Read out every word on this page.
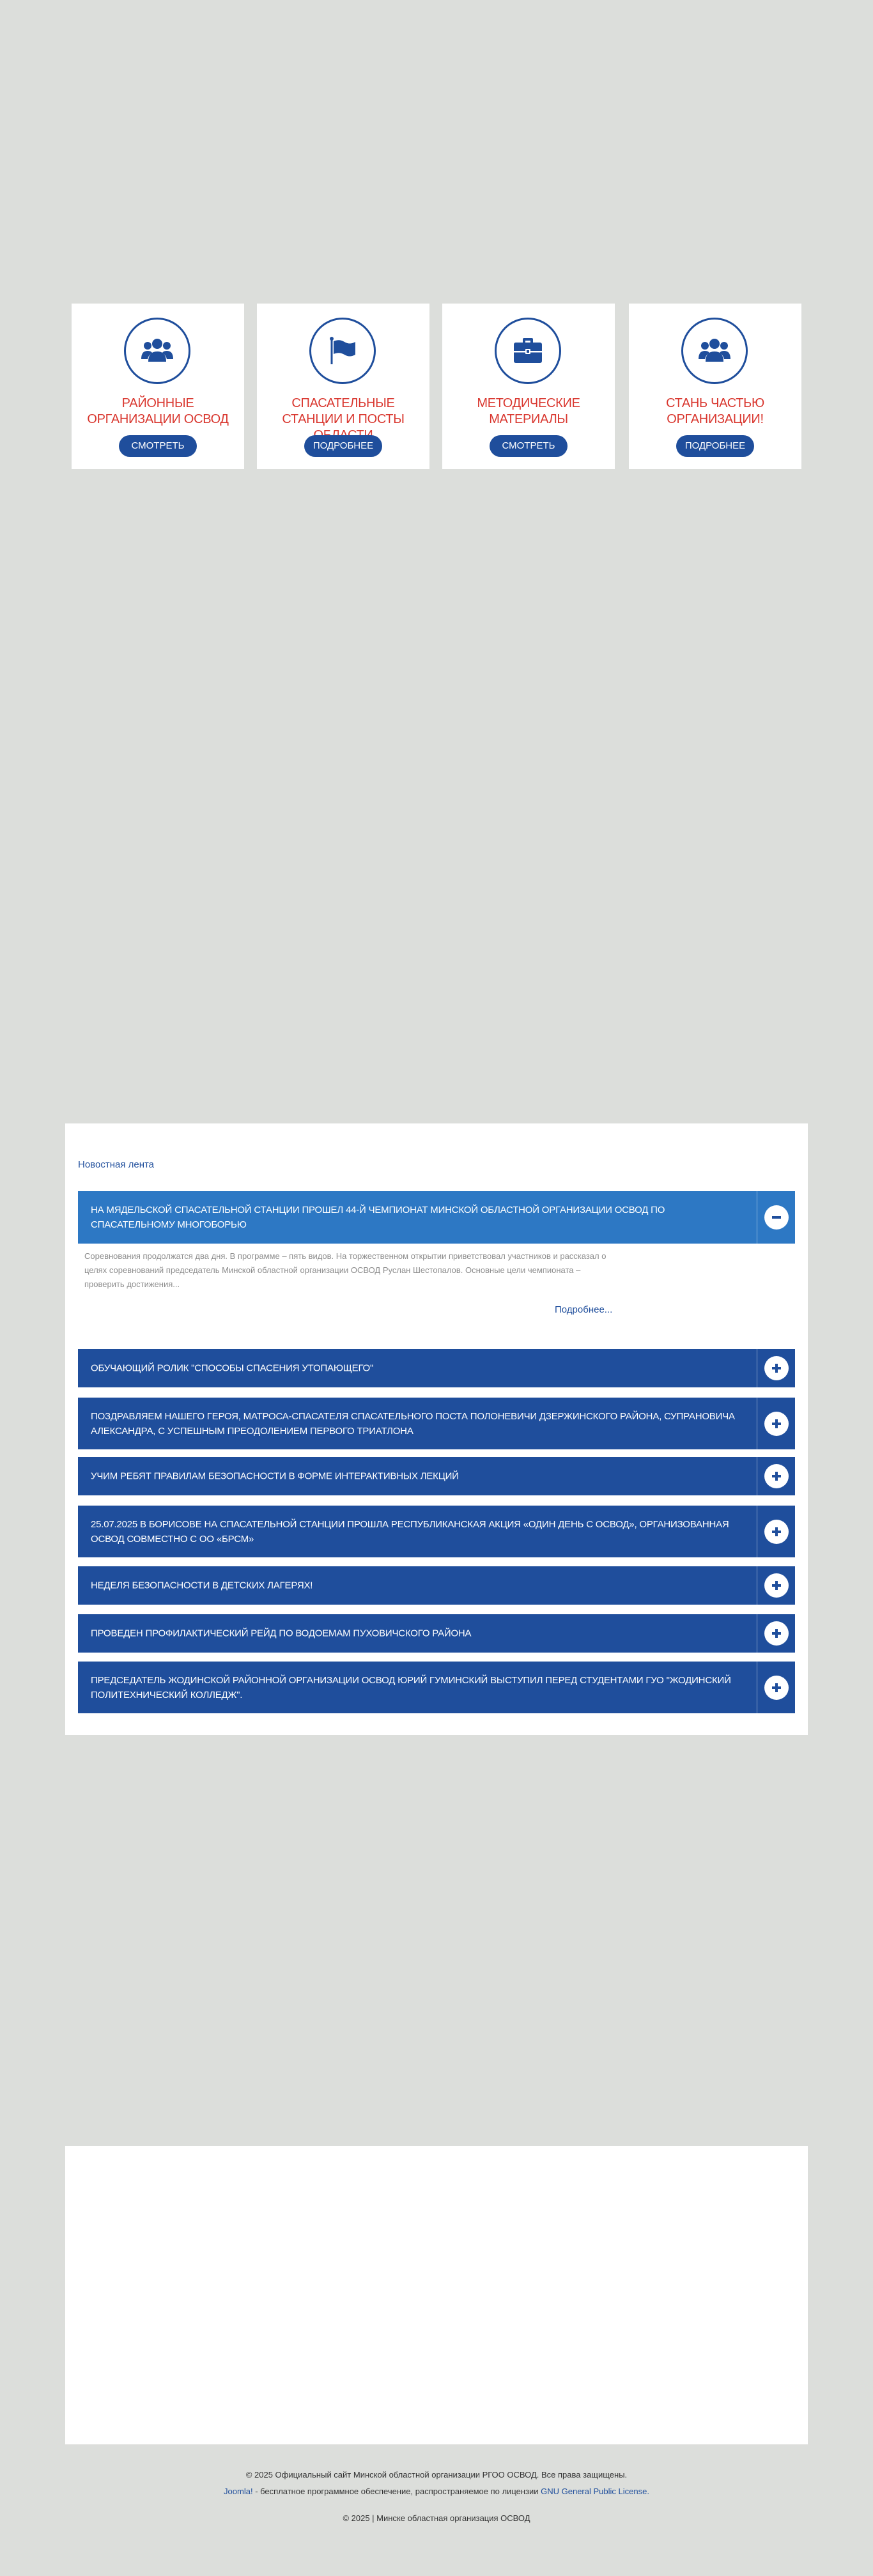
РАЙОННЫЕ ОРГАНИЗАЦИИ ОСВОД
СМОТРЕТЬ
СПАСАТЕЛЬНЫЕ СТАНЦИИ И ПОСТЫ
ПОДРОБНЕЕ
МЕТОДИЧЕСКИЕ МАТЕРИАЛЫ
СМОТРЕТЬ
СТАНЬ ЧАСТЬЮ ОРГАНИЗАЦИИ!
ПОДРОБНЕЕ
Новостная лента
НА МЯДЕЛЬСКОЙ СПАСАТЕЛЬНОЙ СТАНЦИИ ПРОШЕЛ 44-Й ЧЕМПИОНАТ МИНСКОЙ ОБЛАСТНОЙ ОРГАНИЗАЦИИ ОСВОД ПО СПАСАТЕЛЬНОМУ МНОГОБОРЬЮ
Соревнования продолжатся два дня. В программе – пять видов. На торжественном открытии приветствовал участников и рассказал о целях соревнований председатель Минской областной организации ОСВОД Руслан Шестопалов. Основные цели чемпионата – проверить достижения...
Подробнее...
ОБУЧАЮЩИЙ РОЛИК "СПОСОБЫ СПАСЕНИЯ УТОПАЮЩЕГО"
ПОЗДРАВЛЯЕМ НАШЕГО ГЕРОЯ, МАТРОСА-СПАСАТЕЛЯ СПАСАТЕЛЬНОГО ПОСТА ПОЛОНЕВИЧИ ДЗЕРЖИНСКОГО РАЙОНА, СУПРАНОВИЧА АЛЕКСАНДРА, С УСПЕШНЫМ ПРЕОДОЛЕНИЕМ ПЕРВОГО ТРИАТЛОНА
УЧИМ РЕБЯТ ПРАВИЛАМ БЕЗОПАСНОСТИ В ФОРМЕ ИНТЕРАКТИВНЫХ ЛЕКЦИЙ
25.07.2025 В БОРИСОВЕ НА СПАСАТЕЛЬНОЙ СТАНЦИИ ПРОШЛА РЕСПУБЛИКАНСКАЯ АКЦИЯ «ОДИН ДЕНЬ С ОСВОД», ОРГАНИЗОВАННАЯ ОСВОД СОВМЕСТНО С ОО «БРСМ»
НЕДЕЛЯ БЕЗОПАСНОСТИ В ДЕТСКИХ ЛАГЕРЯХ!
ПРОВЕДЕН ПРОФИЛАКТИЧЕСКИЙ РЕЙД ПО ВОДОЕМАМ ПУХОВИЧСКОГО РАЙОНА
ПРЕДСЕДАТЕЛЬ ЖОДИНСКОЙ РАЙОННОЙ ОРГАНИЗАЦИИ ОСВОД ЮРИЙ ГУМИНСКИЙ ВЫСТУПИЛ ПЕРЕД СТУДЕНТАМИ ГУО "ЖОДИНСКИЙ ПОЛИТЕХНИЧЕСКИЙ КОЛЛЕДЖ".
© 2025 Официальный сайт Минской областной организации РГОО ОСВОД. Все права защищены.
Joomla! - бесплатное программное обеспечение, распространяемое по лицензии GNU General Public License.
© 2025 | Минске областная организация ОСВОД
